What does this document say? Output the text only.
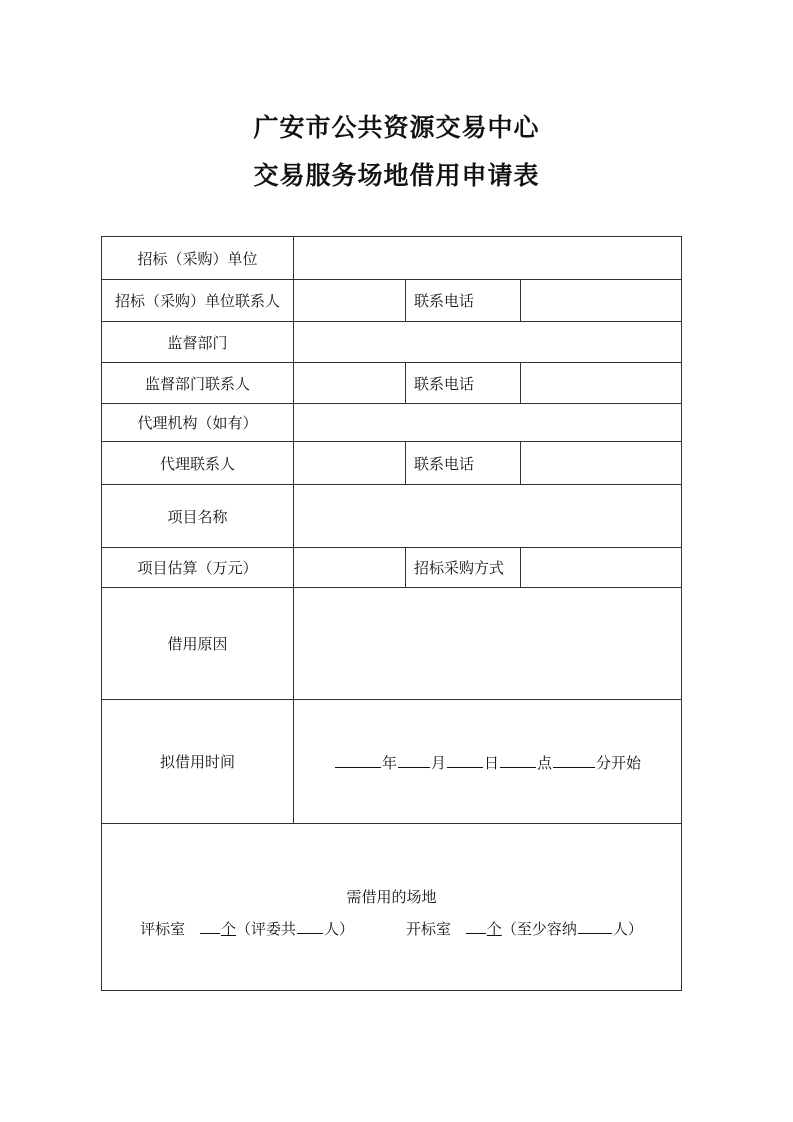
广安市公共资源交易中心
交易服务场地借用申请表
招标（采购）单位			
招标（采购）单位联系人		联系电话	
监督部门			
监督部门联系人		联系电话	
代理机构（如有）			
代理联系人		联系电话	
项目名称			
项目估算（万元）		招标采购方式	
借用原因			
拟借用时间	年 月 日 点 分开始		

需借用的场地
评标室 个（评委共 人） 开标室 个（至少容纳 人）			
